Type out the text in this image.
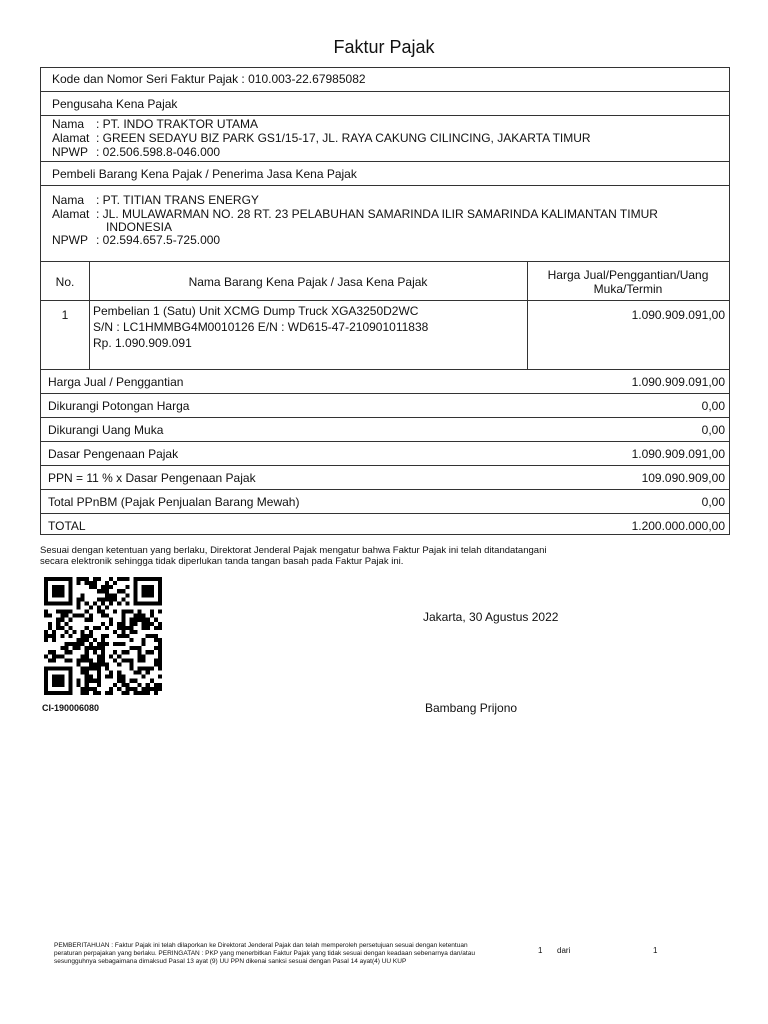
Faktur Pajak
Kode dan Nomor Seri Faktur Pajak : 010.003-22.67985082
Pengusaha Kena Pajak
Nama : PT. INDO TRAKTOR UTAMA
Alamat : GREEN SEDAYU BIZ PARK GS1/15-17, JL. RAYA CAKUNG CILINCING, JAKARTA TIMUR
NPWP : 02.506.598.8-046.000
Pembeli Barang Kena Pajak / Penerima Jasa Kena Pajak
Nama : PT. TITIAN TRANS ENERGY
Alamat : JL. MULAWARMAN NO. 28 RT. 23 PELABUHAN SAMARINDA ILIR SAMARINDA KALIMANTAN TIMUR
INDONESIA
NPWP : 02.594.657.5-725.000
No.	Nama Barang Kena Pajak / Jasa Kena Pajak	Harga Jual/Penggantian/Uang
Muka/Termin
1	Pembelian 1 (Satu) Unit XCMG Dump Truck XGA3250D2WC
S/N : LC1HMMBG4M0010126 E/N : WD615-47-210901011838
Rp. 1.090.909.091
1.090.909.091,00
Harga Jual / Penggantian	1.090.909.091,00
Dikurangi Potongan Harga	0,00
Dikurangi Uang Muka	0,00
Dasar Pengenaan Pajak	1.090.909.091,00
PPN = 11 % x Dasar Pengenaan Pajak	109.090.909,00
Total PPnBM (Pajak Penjualan Barang Mewah)	0,00
TOTAL	1.200.000.000,00
Sesuai dengan ketentuan yang berlaku, Direktorat Jenderal Pajak mengatur bahwa Faktur Pajak ini telah ditandatangani
secara elektronik sehingga tidak diperlukan tanda tangan basah pada Faktur Pajak ini.
CI-190006080
Jakarta, 30 Agustus 2022
Bambang Prijono
PEMBERITAHUAN : Faktur Pajak ini telah dilaporkan ke Direktorat Jenderal Pajak dan telah memperoleh persetujuan sesuai dengan ketentuan peraturan perpajakan yang berlaku. PERINGATAN : PKP yang menerbitkan Faktur Pajak yang tidak sesuai dengan keadaan sebenarnya dan/atau sesungguhnya sebagaimana dimaksud Pasal 13 ayat (9) UU PPN dikenai sanksi sesuai dengan Pasal 14 ayat(4) UU KUP
1 dari	1
